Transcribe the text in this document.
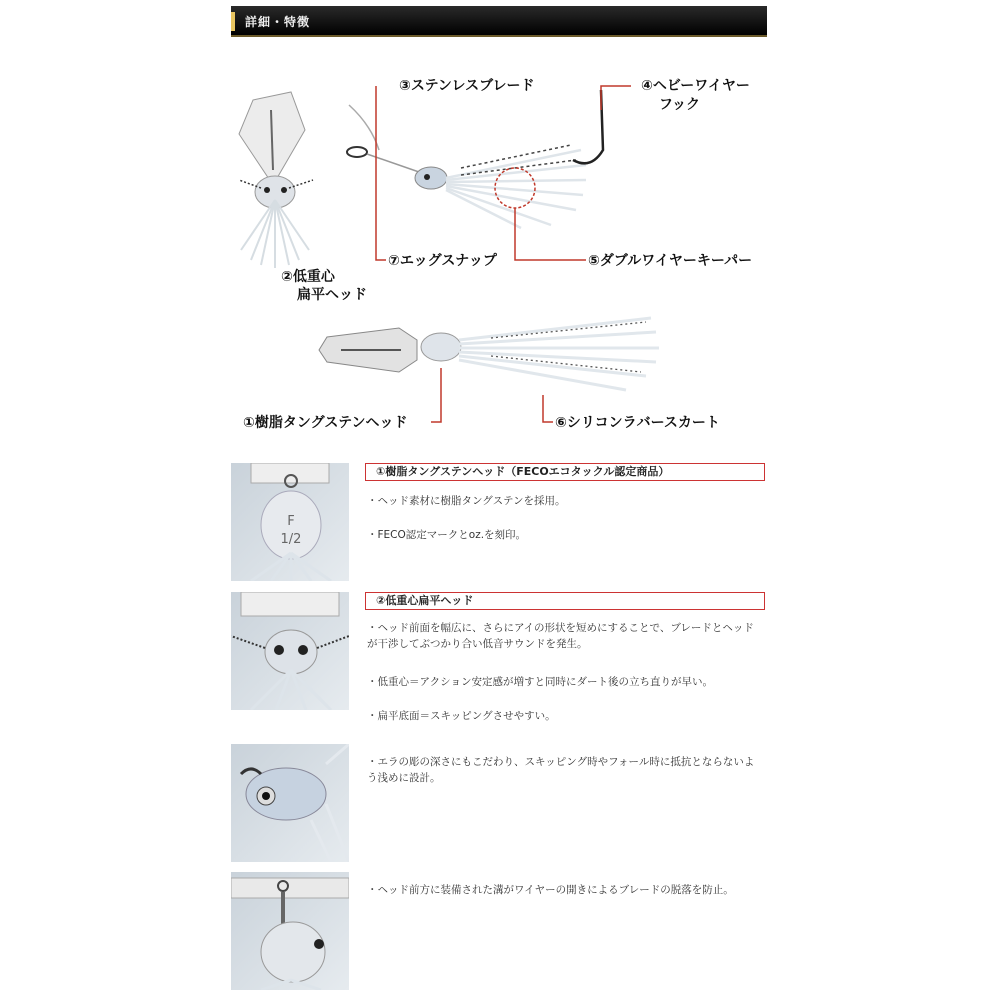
詳細・特徴
③ステンレスブレード	④ヘビーワイヤー
フック
②低重心
扁平ヘッド
⑦エッグスナップ	⑤ダブルワイヤーキーパー
①樹脂タングステンヘッド	⑥シリコンラバースカート
F
1/2
①樹脂タングステンヘッド（FECOエコタックル認定商品）
・ヘッド素材に樹脂タングステンを採用。
・FECO認定マークとoz.を刻印。
②低重心扁平ヘッド
・ヘッド前面を幅広に、さらにアイの形状を短めにすることで、ブレードとヘッドが干渉してぶつかり合い低音サウンドを発生。
・低重心＝アクション安定感が増すと同時にダート後の立ち直りが早い。
・扁平底面＝スキッピングさせやすい。
・エラの彫の深さにもこだわり、スキッピング時やフォール時に抵抗とならないよう浅めに設計。
・ヘッド前方に装備された溝がワイヤーの開きによるブレードの脱落を防止。
